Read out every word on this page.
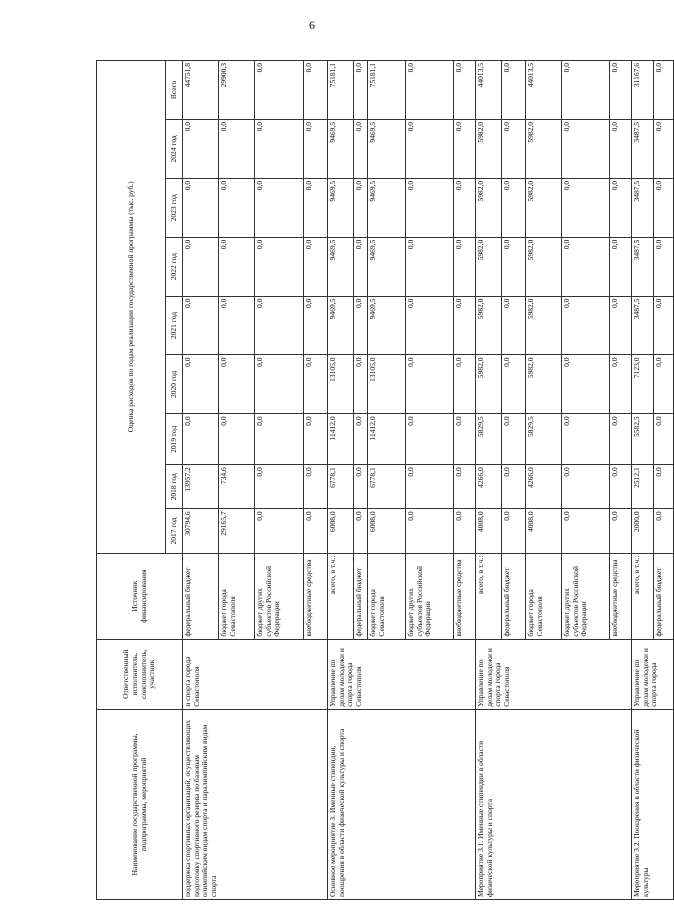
6
Наименование государственной программы, подпрограммы, мероприятий	Ответственный исполнитель, соисполнитель, участник	Источник финансирования	Оценка расходов по годам реализации государственной программы (тыс. руб.)								
			2017 год	2018 год	2019 год	2020 год	2021 год	2022 год	2023 год	2024 год	Всего
поддержка спортивных организаций, осуществляющих подготовку спортивного резерва по базовым олимпийским видам спорта и паралимпийским видам спорта	и спорта города Севастополя	федеральный бюджет	30794,6	13957,2	0,0	0,0	0,0	0,0	0,0	0,0	44751,8
		бюджет города Севастополя	29165,7	734,6	0,0	0,0	0,0	0,0	0,0	0,0	29900,3
		бюджет других субъектов Российской Федерации	0,0	0,0	0,0	0,0	0,0	0,0	0,0	0,0	0,0
		внебюджетные средства	0,0	0,0	0,0	0,0	0,0	0,0	0,0	0,0	0,0
Основное мероприятие 3. Именные стипендии, поощрения в области физической культуры и спорта	Управление по делам молодежи и спорта города Севастополя	всего, в т.ч.:	6008,0	6778,1	11412,0	13105,0	9469,5	9469,5	9469,5	9469,5	75181,1
		федеральный бюджет	0,0	0,0	0,0	0,0	0,0	0,0	0,0	0,0	0,0
		бюджет города Севастополя	6008,0	6778,1	11412,0	13105,0	9469,5	9469,5	9469,5	9469,5	75181,1
		бюджет других субъектов Российской Федерации	0,0	0,0	0,0	0,0	0,0	0,0	0,0	0,0	0,0
		внебюджетные средства	0,0	0,0	0,0	0,0	0,0	0,0	0,0	0,0	0,0
Мероприятие 3.1. Именные стипендии в области физической культуры и спорта	Управление по делам молодежи и спорта города Севастополя	всего, в т.ч.:	4008,0	4266,0	5829,5	5982,0	5982,0	5982,0	5982,0	5982,0	44013,5
		федеральный бюджет	0,0	0,0	0,0	0,0	0,0	0,0	0,0	0,0	0,0
		бюджет города Севастополя	4008,0	4266,0	5829,5	5982,0	5982,0	5982,0	5982,0	5982,0	44013,5
		бюджет других субъектов Российской Федерации	0,0	0,0	0,0	0,0	0,0	0,0	0,0	0,0	0,0
		внебюджетные средства	0,0	0,0	0,0	0,0	0,0	0,0	0,0	0,0	0,0
Мероприятие 3.2. Поощрения в области физической культуры	Управление по делам молодежи и спорта города	всего, в т.ч.:	2000,0	2512,1	5582,5	7123,0	3487,5	3487,5	3487,5	3487,5	31167,6
		федеральный бюджет	0,0	0,0	0,0	0,0	0,0	0,0	0,0	0,0	0,0
